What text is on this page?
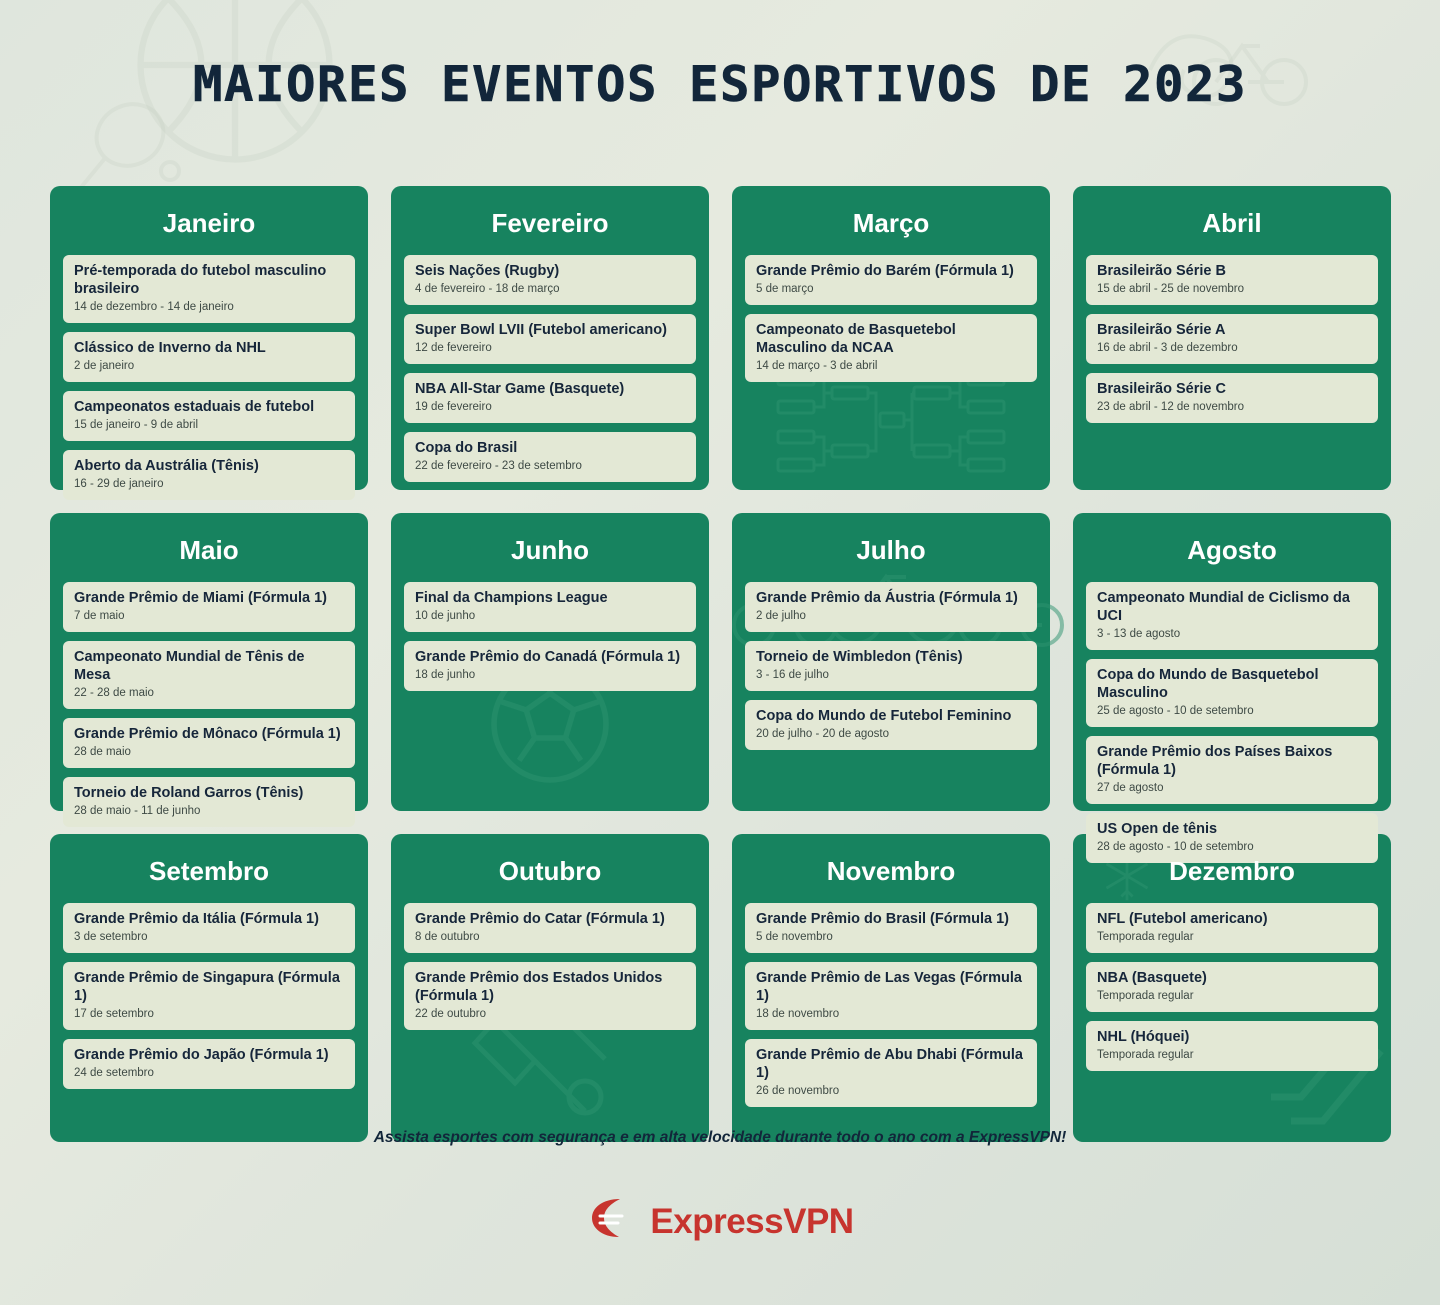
MAIORES EVENTOS ESPORTIVOS DE 2023
Janeiro
Pré-temporada do futebol masculino brasileiro
14 de dezembro - 14 de janeiro
Clássico de Inverno da NHL
2 de janeiro
Campeonatos estaduais de futebol
15 de janeiro - 9 de abril
Aberto da Austrália (Tênis)
16 - 29 de janeiro
Fevereiro
Seis Nações (Rugby)
4 de fevereiro - 18 de março
Super Bowl LVII (Futebol americano)
12 de fevereiro
NBA All-Star Game (Basquete)
19 de fevereiro
Copa do Brasil
22 de fevereiro - 23 de setembro
Março
Grande Prêmio do Barém (Fórmula 1)
5 de março
Campeonato de Basquetebol Masculino da NCAA
14 de março - 3 de abril
Abril
Brasileirão Série B
15 de abril - 25 de novembro
Brasileirão Série A
16 de abril - 3 de dezembro
Brasileirão Série C
23 de abril - 12 de novembro
Maio
Grande Prêmio de Miami (Fórmula 1)
7 de maio
Campeonato Mundial de Tênis de Mesa
22 - 28 de maio
Grande Prêmio de Mônaco (Fórmula 1)
28 de maio
Torneio de Roland Garros (Tênis)
28 de maio - 11 de junho
Junho
Final da Champions League
10 de junho
Grande Prêmio do Canadá (Fórmula 1)
18 de junho
Julho
Grande Prêmio da Áustria (Fórmula 1)
2 de julho
Torneio de Wimbledon (Tênis)
3 - 16 de julho
Copa do Mundo de Futebol Feminino
20 de julho - 20 de agosto
Agosto
Campeonato Mundial de Ciclismo da UCI
3 - 13 de agosto
Copa do Mundo de Basquetebol Masculino
25 de agosto - 10 de setembro
Grande Prêmio dos Países Baixos (Fórmula 1)
27 de agosto
US Open de tênis
28 de agosto - 10 de setembro
Setembro
Grande Prêmio da Itália (Fórmula 1)
3 de setembro
Grande Prêmio de Singapura (Fórmula 1)
17 de setembro
Grande Prêmio do Japão (Fórmula 1)
24 de setembro
Outubro
Grande Prêmio do Catar (Fórmula 1)
8 de outubro
Grande Prêmio dos Estados Unidos (Fórmula 1)
22 de outubro
Novembro
Grande Prêmio do Brasil (Fórmula 1)
5 de novembro
Grande Prêmio de Las Vegas (Fórmula 1)
18 de novembro
Grande Prêmio de Abu Dhabi (Fórmula 1)
26 de novembro
Dezembro
NFL (Futebol americano)
Temporada regular
NBA (Basquete)
Temporada regular
NHL (Hóquei)
Temporada regular
Assista esportes com segurança e em alta velocidade durante todo o ano com a ExpressVPN!
ExpressVPN
